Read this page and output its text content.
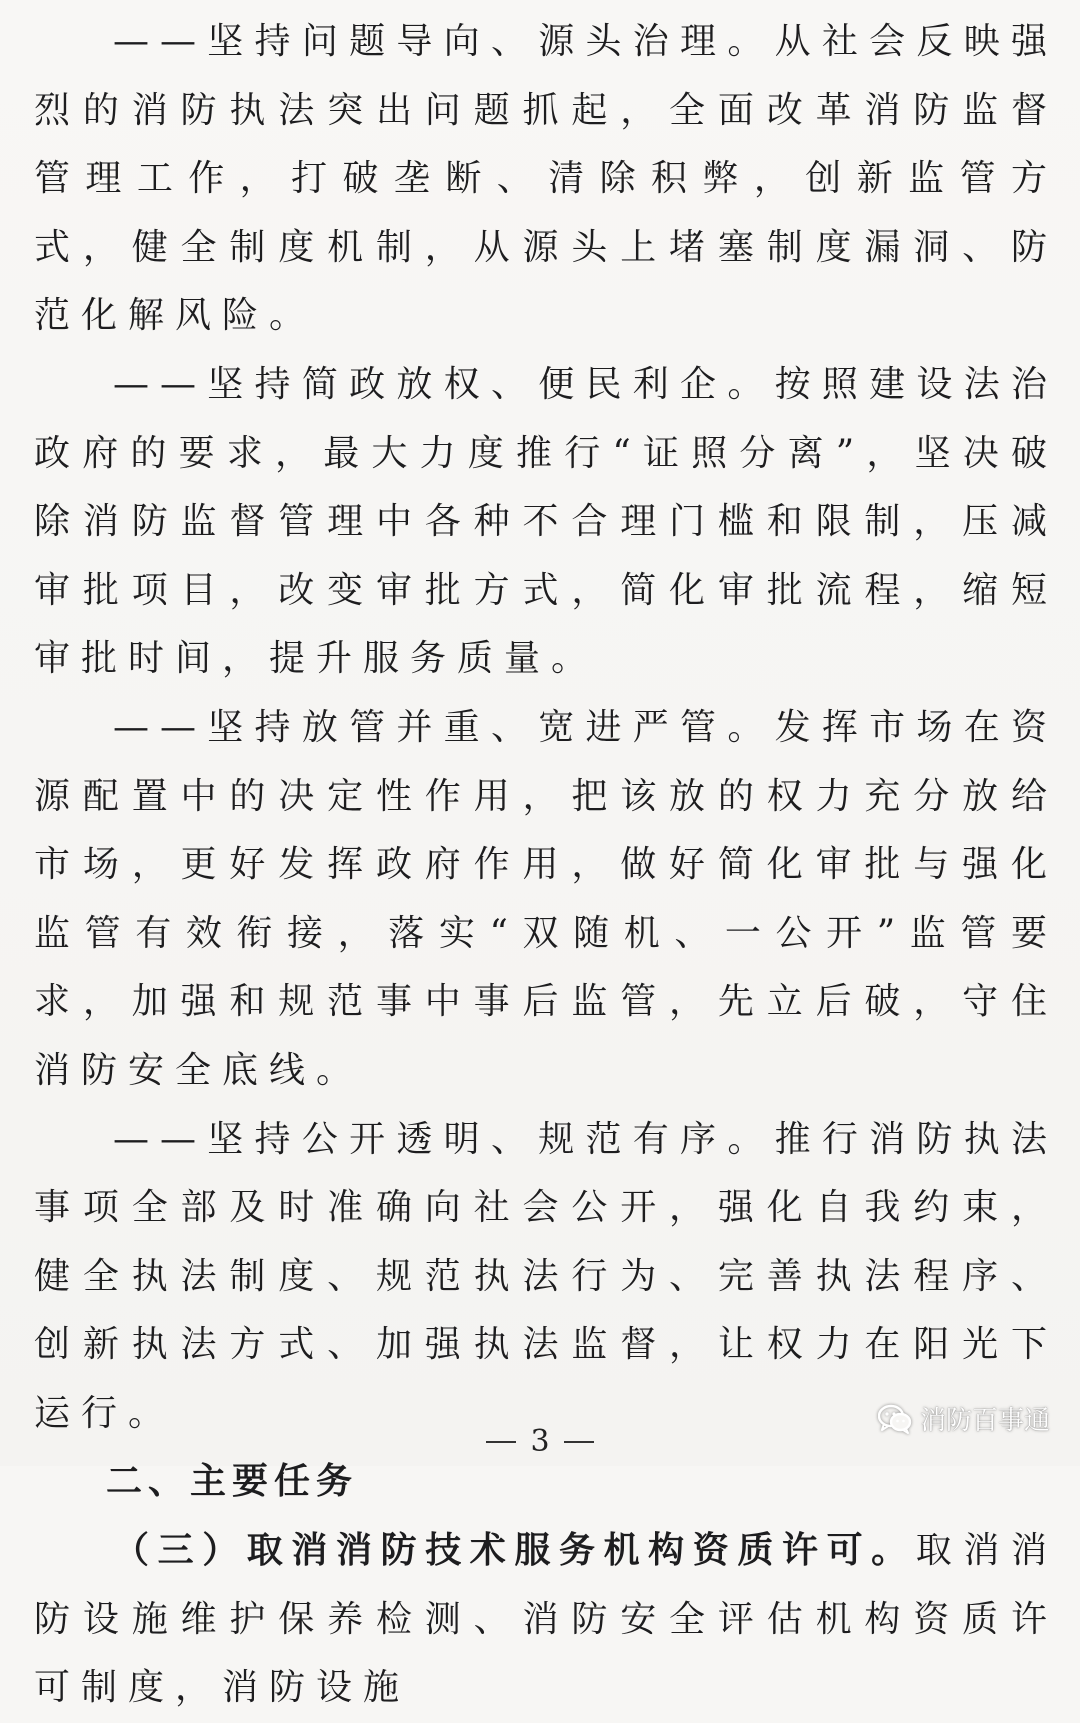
——坚持问题导向、源头治理。从社会反映强烈的消防执法突出问题抓起，全面改革消防监督管理工作，打破垄断、清除积弊，创新监管方式，健全制度机制，从源头上堵塞制度漏洞、防范化解风险。

——坚持简政放权、便民利企。按照建设法治政府的要求，最大力度推行“证照分离”，坚决破除消防监督管理中各种不合理门槛和限制，压减审批项目，改变审批方式，简化审批流程，缩短审批时间，提升服务质量。

——坚持放管并重、宽进严管。发挥市场在资源配置中的决定性作用，把该放的权力充分放给市场，更好发挥政府作用，做好简化审批与强化监管有效衔接，落实“双随机、一公开”监管要求，加强和规范事中事后监管，先立后破，守住消防安全底线。

——坚持公开透明、规范有序。推行消防执法事项全部及时准确向社会公开，强化自我约束，健全执法制度、规范执法行为、完善执法程序、创新执法方式、加强执法监督，让权力在阳光下运行。

二、主要任务

（三）取消消防技术服务机构资质许可。取消消防设施维护保养检测、消防安全评估机构资质许可制度，消防设施

消防百事通
3
